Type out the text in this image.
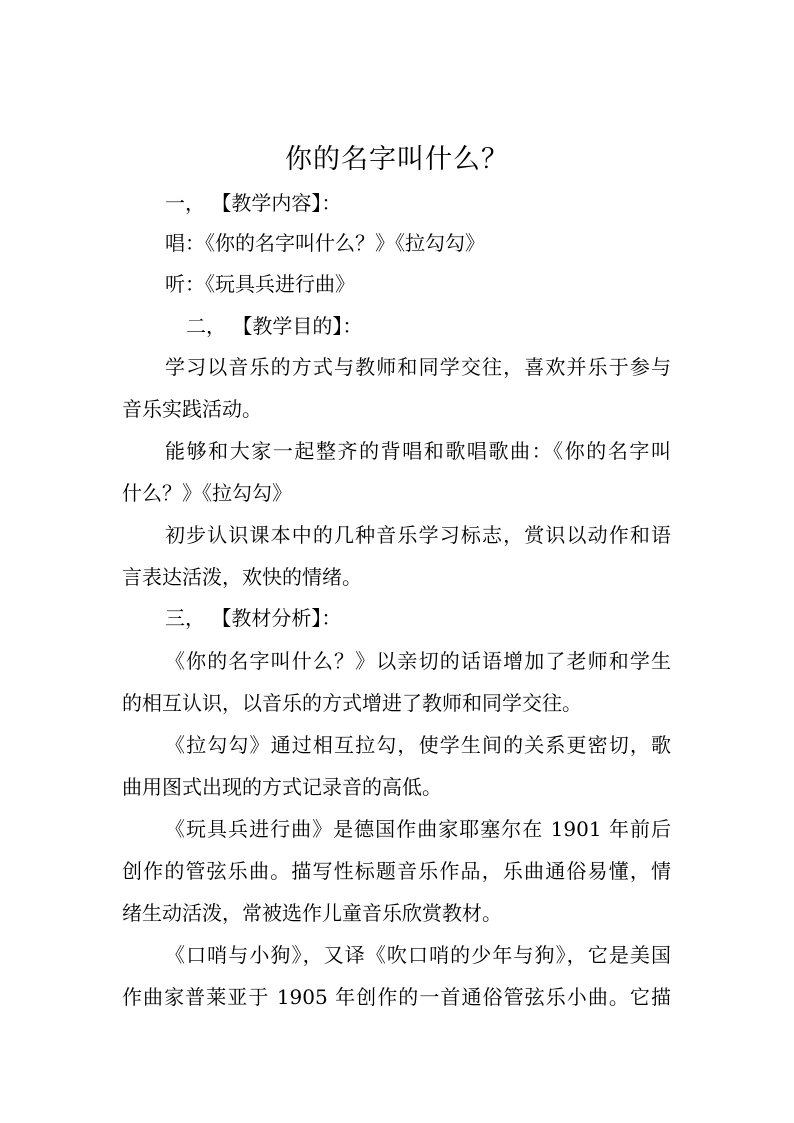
你的名字叫什么？
一， 【教学内容】：
唱：《你的名字叫什么？》《拉勾勾》
听：《玩具兵进行曲》
二， 【教学目的】：
学习以音乐的方式与教师和同学交往，喜欢并乐于参与
音乐实践活动。
能够和大家一起整齐的背唱和歌唱歌曲：《你的名字叫
什么？》《拉勾勾》
初步认识课本中的几种音乐学习标志，赏识以动作和语
言表达活泼，欢快的情绪。
三， 【教材分析】：
《你的名字叫什么？》以亲切的话语增加了老师和学生
的相互认识，以音乐的方式增进了教师和同学交往。
《拉勾勾》通过相互拉勾，使学生间的关系更密切，歌
曲用图式出现的方式记录音的高低。
《玩具兵进行曲》是德国作曲家耶塞尔在 1901 年前后
创作的管弦乐曲。描写性标题音乐作品，乐曲通俗易懂，情
绪生动活泼，常被选作儿童音乐欣赏教材。
《口哨与小狗》，又译《吹口哨的少年与狗》，它是美国
作曲家普莱亚于 1905 年创作的一首通俗管弦乐小曲。它描
